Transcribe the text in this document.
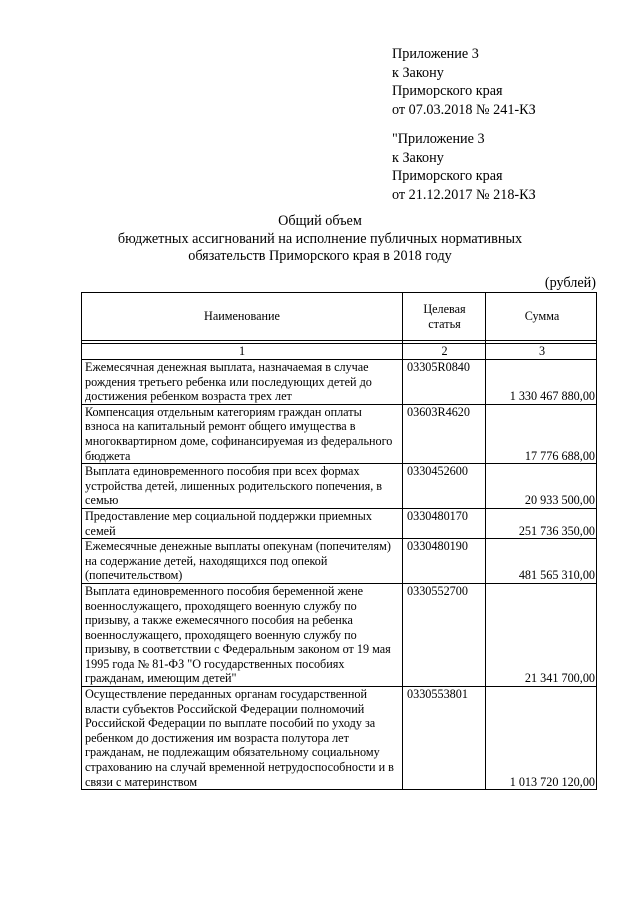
Приложение 3
к Закону
Приморского края
от 07.03.2018 № 241-КЗ
"Приложение 3
к Закону
Приморского края
от 21.12.2017 № 218-КЗ
Общий объем
бюджетных ассигнований на исполнение публичных нормативных
обязательств Приморского края в 2018 году
(рублей)
Наименование	Целевая статья	Сумма

1	2	3
Ежемесячная денежная выплата, назначаемая в случае рождения третьего ребенка или последующих детей до достижения ребенком возраста трех лет	03305R0840	1 330 467 880,00
Компенсация отдельным категориям граждан оплаты взноса на капитальный ремонт общего имущества в многоквартирном доме, софинансируемая из федерального бюджета	03603R4620	17 776 688,00
Выплата единовременного пособия при всех формах устройства детей, лишенных родительского попечения, в семью	0330452600	20 933 500,00
Предоставление мер социальной поддержки приемных семей	0330480170	251 736 350,00
Ежемесячные денежные выплаты опекунам (попечителям) на содержание детей, находящихся под опекой (попечительством)	0330480190	481 565 310,00
Выплата единовременного пособия беременной жене военнослужащего, проходящего военную службу по призыву, а также ежемесячного пособия на ребенка военнослужащего, проходящего военную службу по призыву, в соответствии с Федеральным законом от 19 мая 1995 года № 81-ФЗ "О государственных пособиях гражданам, имеющим детей"	0330552700	21 341 700,00
Осуществление переданных органам государственной власти субъектов Российской Федерации полномочий Российской Федерации по выплате пособий по уходу за ребенком до достижения им возраста полутора лет гражданам, не подлежащим обязательному социальному страхованию на случай временной нетрудоспособности и в связи с материнством	0330553801	1 013 720 120,00
